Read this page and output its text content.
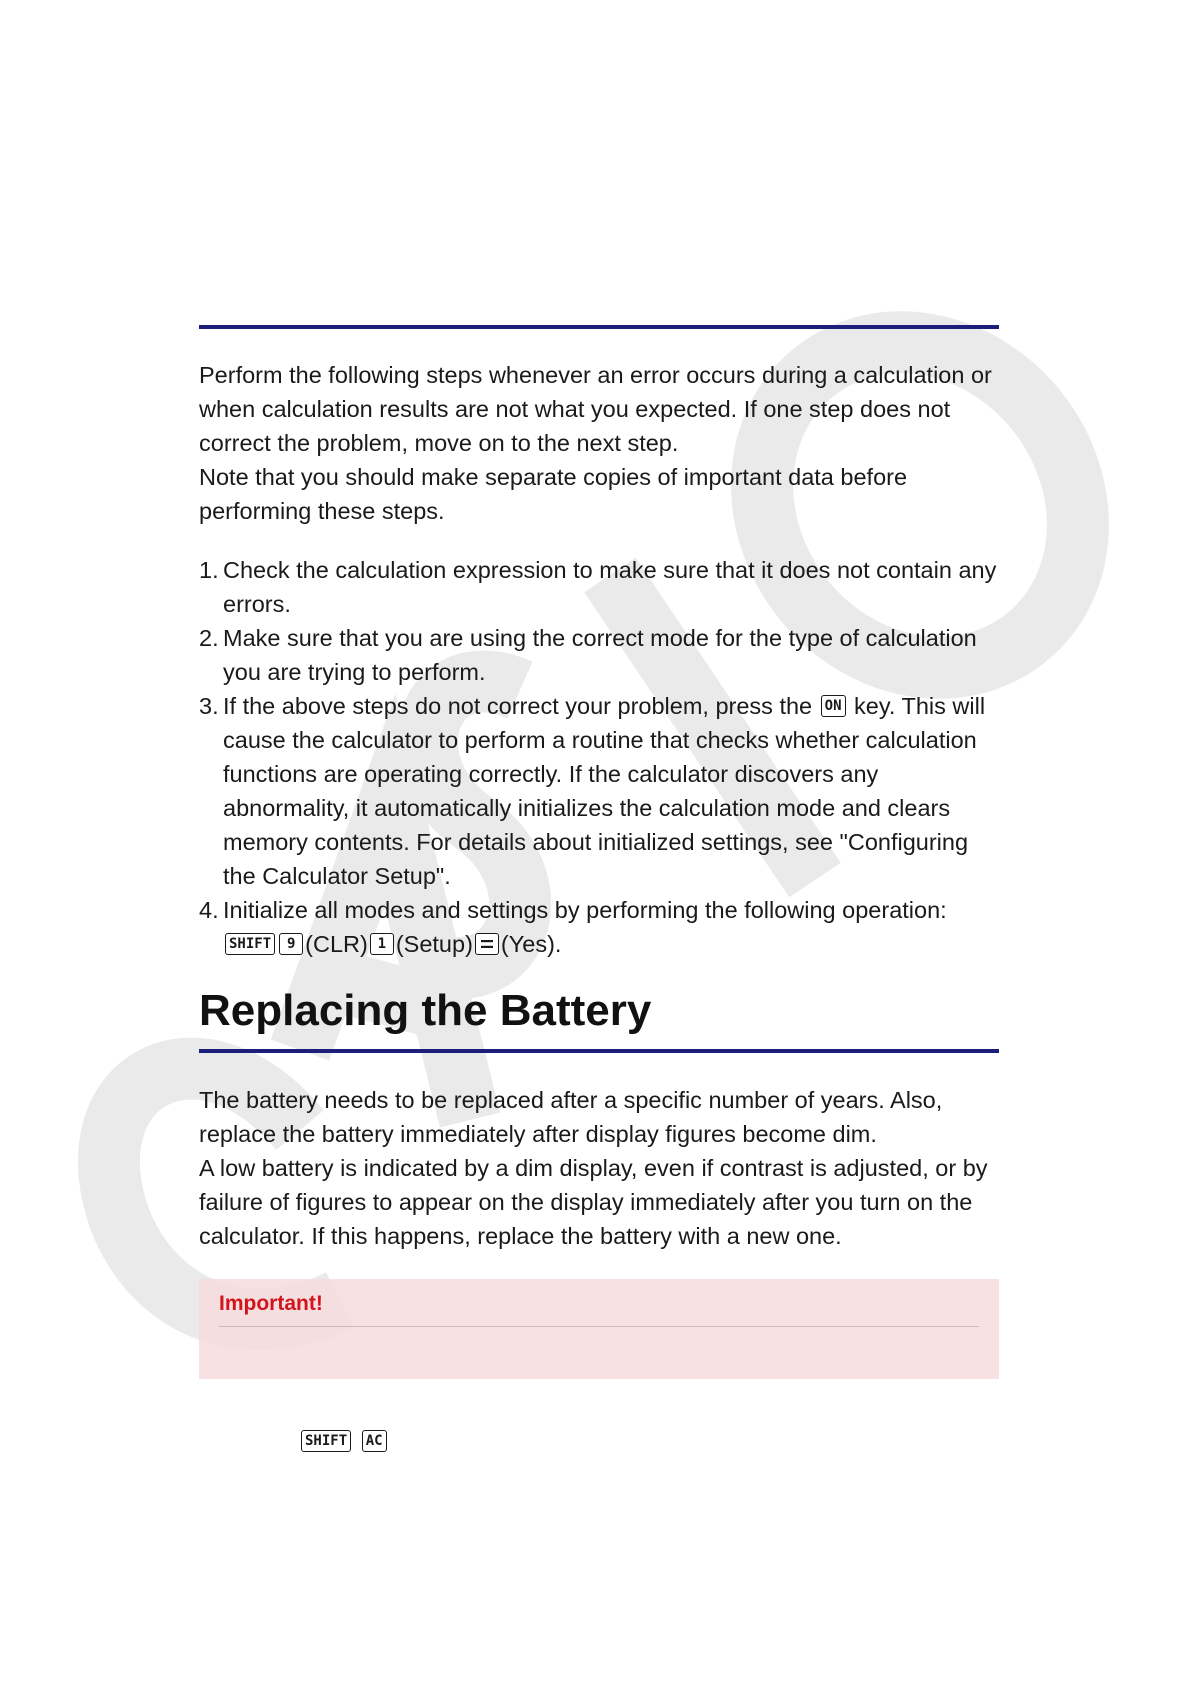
Perform the following steps whenever an error occurs during a calculation or when calculation results are not what you expected. If one step does not correct the problem, move on to the next step.

Note that you should make separate copies of important data before performing these steps.

1. Check the calculation expression to make sure that it does not contain any errors.
2. Make sure that you are using the correct mode for the type of calculation you are trying to perform.
3. If the above steps do not correct your problem, press the ON key. This will cause the calculator to perform a routine that checks whether calculation functions are operating correctly. If the calculator discovers any abnormality, it automatically initializes the calculation mode and clears memory contents. For details about initialized settings, see "Configuring the Calculator Setup".
4. Initialize all modes and settings by performing the following operation: SHIFT 9 (CLR) 1 (Setup) (Yes).
Replacing the Battery

The battery needs to be replaced after a specific number of years. Also, replace the battery immediately after display figures become dim.

A low battery is indicated by a dim display, even if contrast is adjusted, or by failure of figures to appear on the display immediately after you turn on the calculator. If this happens, replace the battery with a new one.

Important!

SHIFT AC
